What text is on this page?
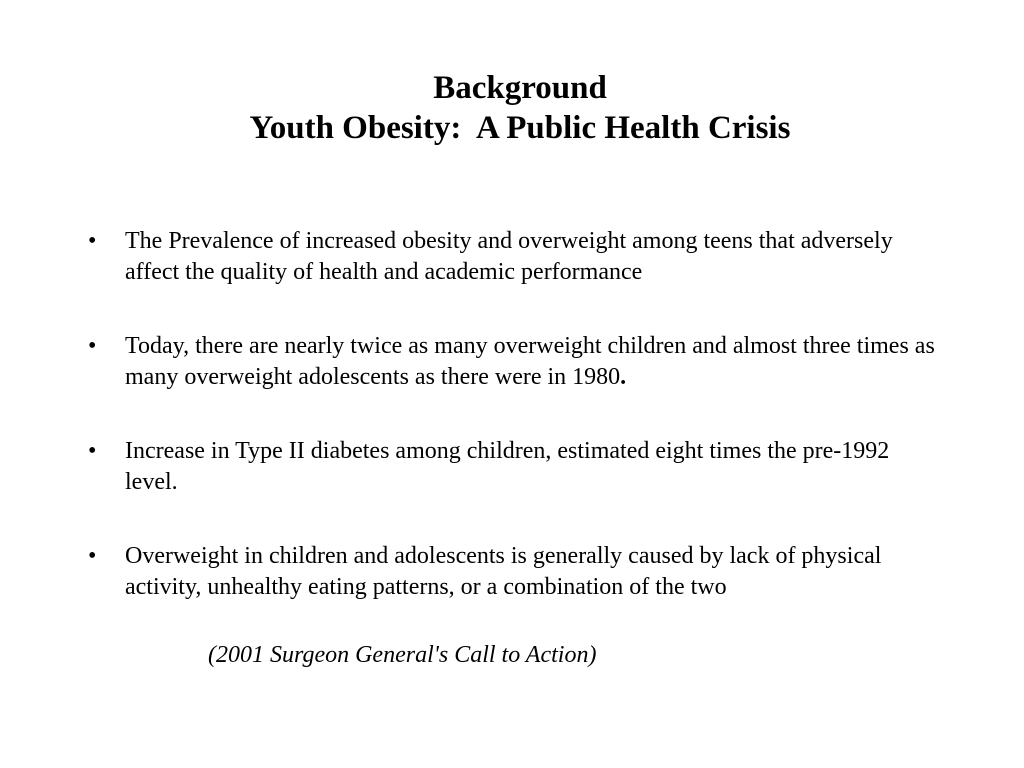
Background
Youth Obesity:  A Public Health Crisis
• The Prevalence of increased obesity and overweight among teens that adversely affect the quality of health and academic performance
• Today, there are nearly twice as many overweight children and almost three times as many overweight adolescents as there were in 1980.
• Increase in Type II diabetes among children, estimated eight times the pre-1992 level.
• Overweight in children and adolescents is generally caused by lack of physical activity, unhealthy eating patterns, or a combination of the two
(2001 Surgeon General's Call to Action)
